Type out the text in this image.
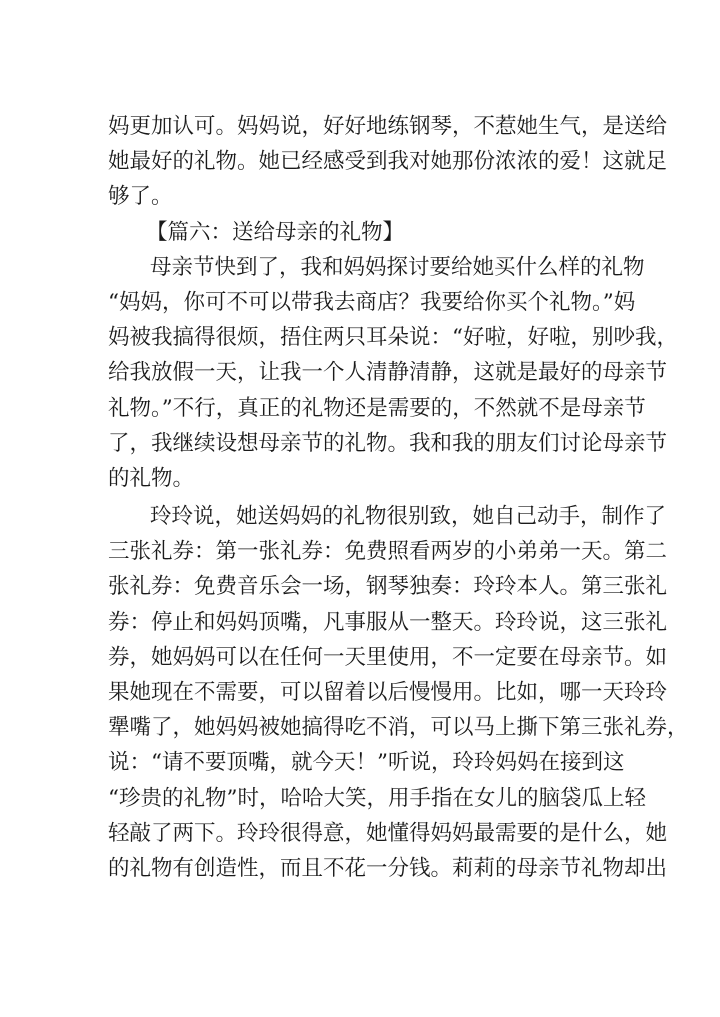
妈更加认可。妈妈说，好好地练钢琴，不惹她生气，是送给
她最好的礼物。她已经感受到我对她那份浓浓的爱！这就足
够了。
【篇六：送给母亲的礼物】
母亲节快到了，我和妈妈探讨要给她买什么样的礼物
“妈妈，你可不可以带我去商店？我要给你买个礼物。”妈
妈被我搞得很烦，捂住两只耳朵说：“好啦，好啦，别吵我，
给我放假一天，让我一个人清静清静，这就是最好的母亲节
礼物。”不行，真正的礼物还是需要的，不然就不是母亲节
了，我继续设想母亲节的礼物。我和我的朋友们讨论母亲节
的礼物。
玲玲说，她送妈妈的礼物很别致，她自己动手，制作了
三张礼券：第一张礼券：免费照看两岁的小弟弟一天。第二
张礼券：免费音乐会一场，钢琴独奏：玲玲本人。第三张礼
券：停止和妈妈顶嘴，凡事服从一整天。玲玲说，这三张礼
券，她妈妈可以在任何一天里使用，不一定要在母亲节。如
果她现在不需要，可以留着以后慢慢用。比如，哪一天玲玲
犟嘴了，她妈妈被她搞得吃不消，可以马上撕下第三张礼券，
说：“请不要顶嘴，就今天！”听说，玲玲妈妈在接到这
“珍贵的礼物”时，哈哈大笑，用手指在女儿的脑袋瓜上轻
轻敲了两下。玲玲很得意，她懂得妈妈最需要的是什么，她
的礼物有创造性，而且不花一分钱。莉莉的母亲节礼物却出
